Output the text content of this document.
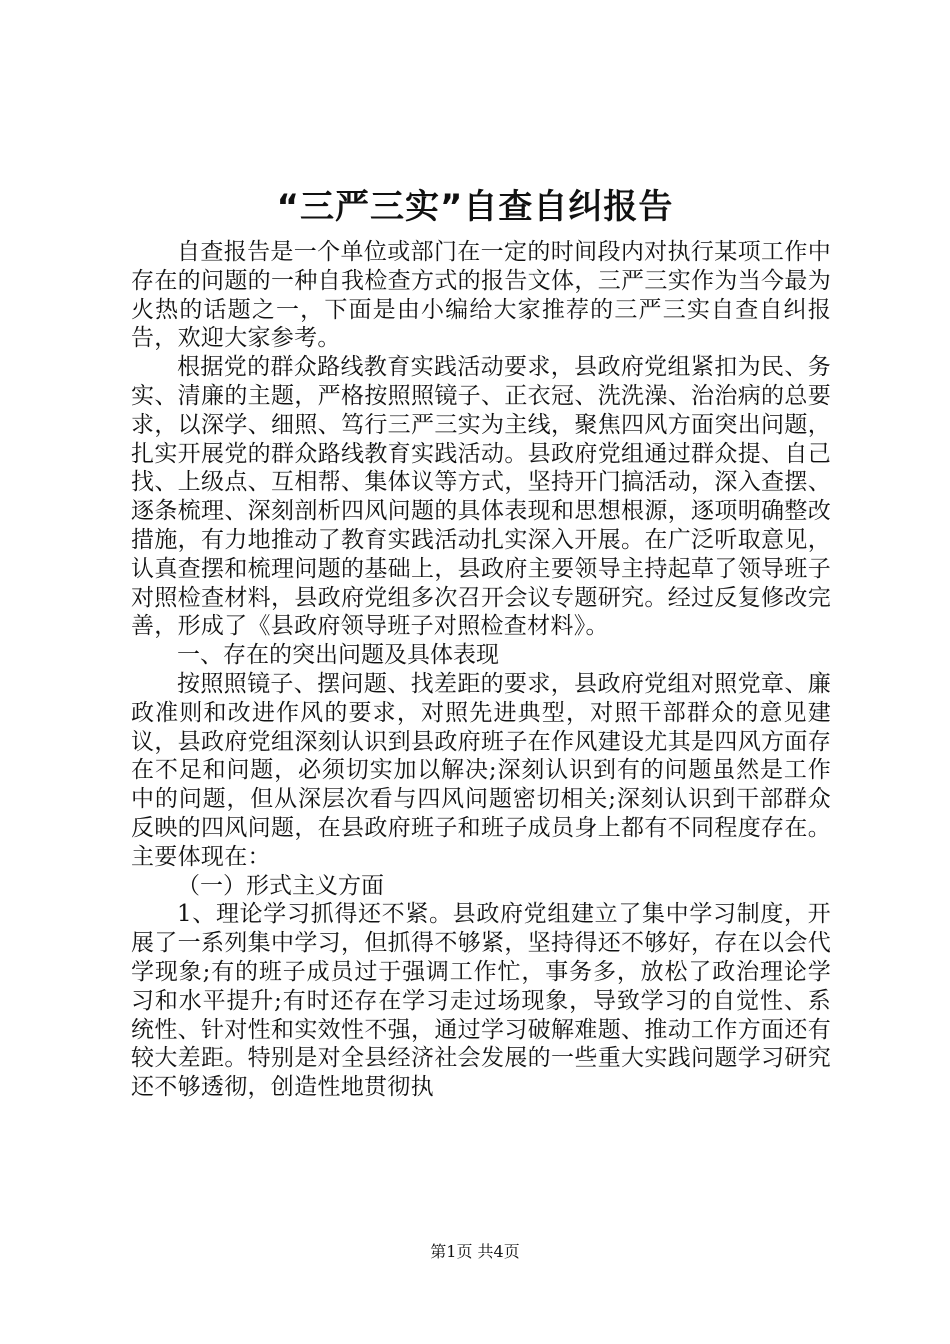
“三严三实”自查自纠报告

自查报告是一个单位或部门在一定的时间段内对执行某项工作中存在的问题的一种自我检查方式的报告文体，三严三实作为当今最为火热的话题之一，下面是由小编给大家推荐的三严三实自查自纠报告，欢迎大家参考。

根据党的群众路线教育实践活动要求，县政府党组紧扣为民、务实、清廉的主题，严格按照照镜子、正衣冠、洗洗澡、治治病的总要求，以深学、细照、笃行三严三实为主线，聚焦四风方面突出问题，扎实开展党的群众路线教育实践活动。县政府党组通过群众提、自己找、上级点、互相帮、集体议等方式，坚持开门搞活动，深入查摆、逐条梳理、深刻剖析四风问题的具体表现和思想根源，逐项明确整改措施，有力地推动了教育实践活动扎实深入开展。在广泛听取意见，认真查摆和梳理问题的基础上，县政府主要领导主持起草了领导班子对照检查材料，县政府党组多次召开会议专题研究。经过反复修改完善，形成了《县政府领导班子对照检查材料》。

一、存在的突出问题及具体表现

按照照镜子、摆问题、找差距的要求，县政府党组对照党章、廉政准则和改进作风的要求，对照先进典型，对照干部群众的意见建议，县政府党组深刻认识到县政府班子在作风建设尤其是四风方面存在不足和问题，必须切实加以解决;深刻认识到有的问题虽然是工作中的问题，但从深层次看与四风问题密切相关;深刻认识到干部群众反映的四风问题，在县政府班子和班子成员身上都有不同程度存在。主要体现在：

（一）形式主义方面

1、理论学习抓得还不紧。县政府党组建立了集中学习制度，开展了一系列集中学习，但抓得不够紧，坚持得还不够好，存在以会代学现象;有的班子成员过于强调工作忙，事务多，放松了政治理论学习和水平提升;有时还存在学习走过场现象，导致学习的自觉性、系统性、针对性和实效性不强，通过学习破解难题、推动工作方面还有较大差距。特别是对全县经济社会发展的一些重大实践问题学习研究还不够透彻，创造性地贯彻执

第1页 共4页
